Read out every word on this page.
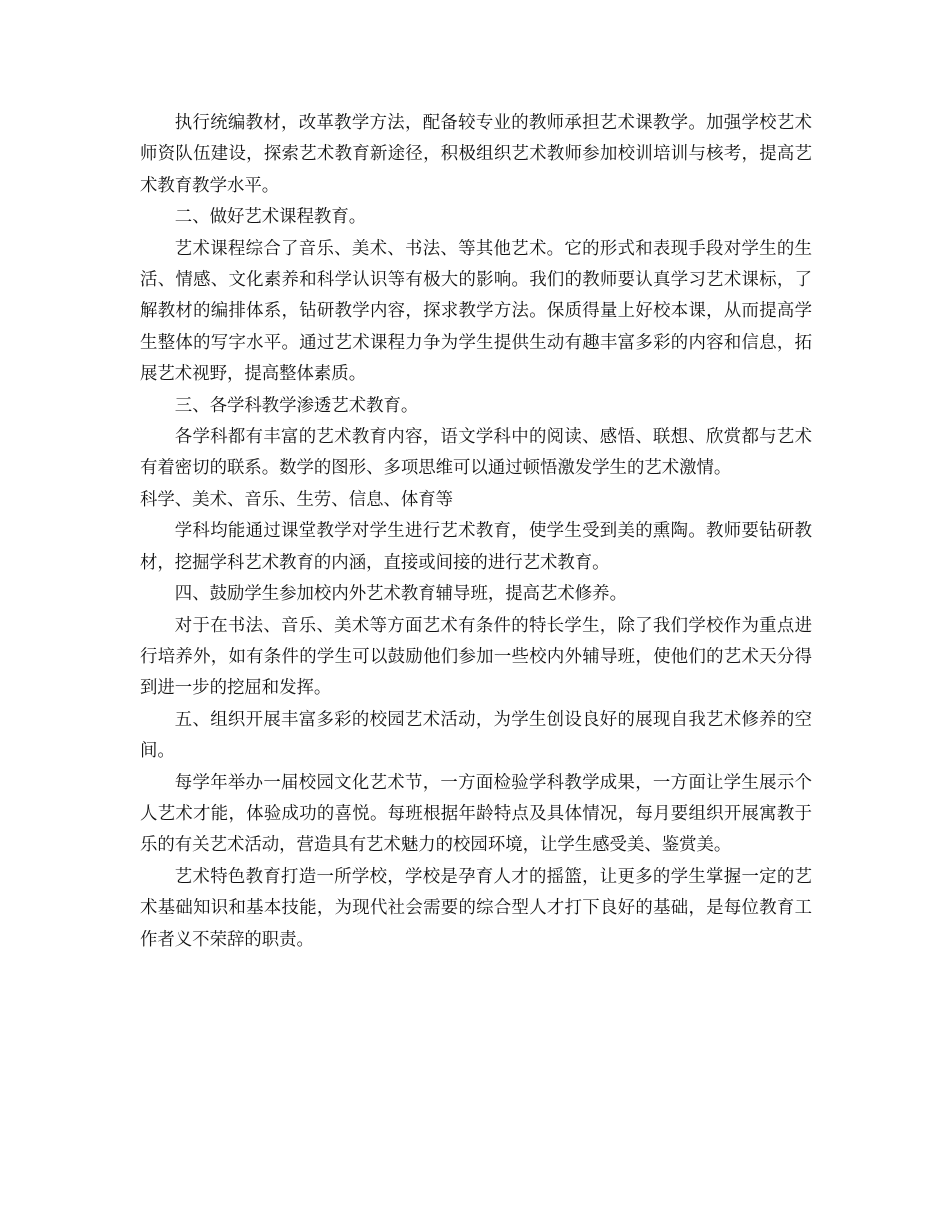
执行统编教材，改革教学方法，配备较专业的教师承担艺术课教学。加强学校艺术师资队伍建设，探索艺术教育新途径，积极组织艺术教师参加校训培训与核考，提高艺术教育教学水平。

二、做好艺术课程教育。

艺术课程综合了音乐、美术、书法、等其他艺术。它的形式和表现手段对学生的生活、情感、文化素养和科学认识等有极大的影响。我们的教师要认真学习艺术课标，了解教材的编排体系，钻研教学内容，探求教学方法。保质得量上好校本课，从而提高学生整体的写字水平。通过艺术课程力争为学生提供生动有趣丰富多彩的内容和信息，拓展艺术视野，提高整体素质。

三、各学科教学渗透艺术教育。

各学科都有丰富的艺术教育内容，语文学科中的阅读、感悟、联想、欣赏都与艺术有着密切的联系。数学的图形、多项思维可以通过顿悟激发学生的艺术激情。

科学、美术、音乐、生劳、信息、体育等

学科均能通过课堂教学对学生进行艺术教育，使学生受到美的熏陶。教师要钻研教材，挖掘学科艺术教育的内涵，直接或间接的进行艺术教育。

四、鼓励学生参加校内外艺术教育辅导班，提高艺术修养。

对于在书法、音乐、美术等方面艺术有条件的特长学生，除了我们学校作为重点进行培养外，如有条件的学生可以鼓励他们参加一些校内外辅导班，使他们的艺术天分得到进一步的挖屈和发挥。

五、组织开展丰富多彩的校园艺术活动，为学生创设良好的展现自我艺术修养的空间。

每学年举办一届校园文化艺术节，一方面检验学科教学成果，一方面让学生展示个人艺术才能，体验成功的喜悦。每班根据年龄特点及具体情况，每月要组织开展寓教于乐的有关艺术活动，营造具有艺术魅力的校园环境，让学生感受美、鉴赏美。

艺术特色教育打造一所学校，学校是孕育人才的摇篮，让更多的学生掌握一定的艺术基础知识和基本技能，为现代社会需要的综合型人才打下良好的基础，是每位教育工作者义不荣辞的职责。
